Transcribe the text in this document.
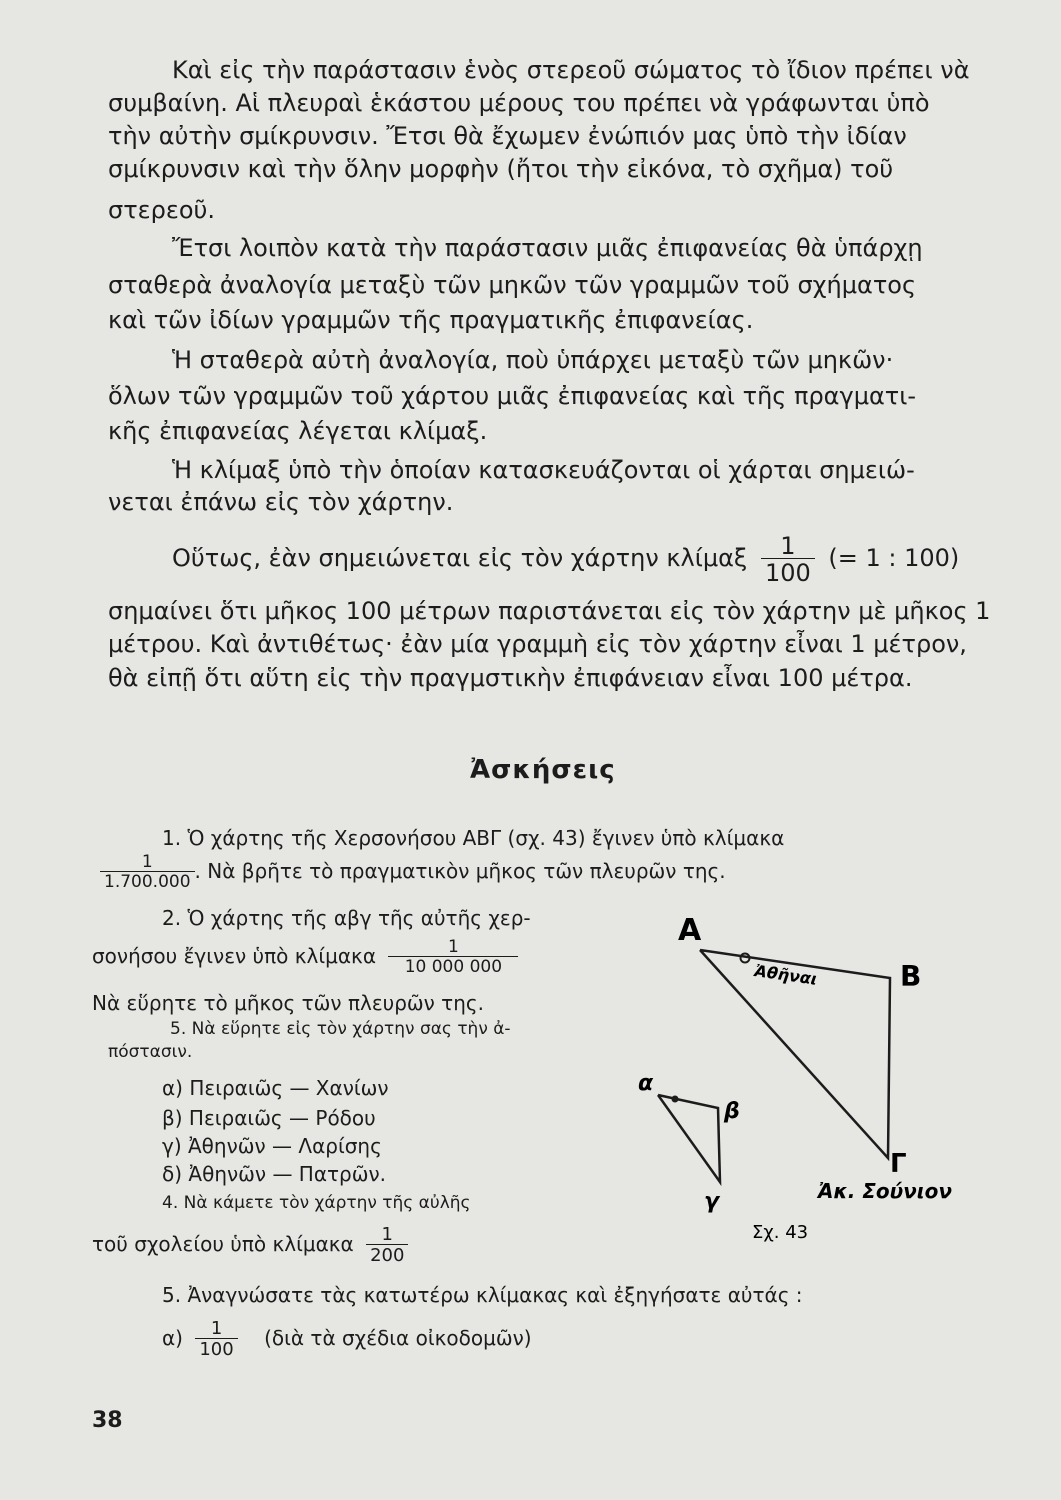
Καὶ εἰς τὴν παράστασιν ἑνὸς στερεοῦ σώματος τὸ ἴδιον πρέπει νὰ
συμβαίνη. Αἱ πλευραὶ ἑκάστου μέρους του πρέπει νὰ γράφωνται ὑπὸ
τὴν αὐτὴν σμίκρυνσιν. Ἔτσι θὰ ἔχωμεν ἐνώπιόν μας ὑπὸ τὴν ἰδίαν
σμίκρυνσιν καὶ τὴν ὅλην μορφὴν (ἤτοι τὴν εἰκόνα, τὸ σχῆμα) τοῦ
στερεοῦ.
Ἔτσι λοιπὸν κατὰ τὴν παράστασιν μιᾶς ἐπιφανείας θὰ ὑπάρχῃ
σταθερὰ ἀναλογία μεταξὺ τῶν μηκῶν τῶν γραμμῶν τοῦ σχήματος
καὶ τῶν ἰδίων γραμμῶν τῆς πραγματικῆς ἐπιφανείας.
Ἡ σταθερὰ αὐτὴ ἀναλογία, ποὺ ὑπάρχει μεταξὺ τῶν μηκῶν·
ὅλων τῶν γραμμῶν τοῦ χάρτου μιᾶς ἐπιφανείας καὶ τῆς πραγματι-
κῆς ἐπιφανείας λέγεται κλίμαξ.
Ἡ κλίμαξ ὑπὸ τὴν ὁποίαν κατασκευάζονται οἱ χάρται σημειώ-
νεται ἐπάνω εἰς τὸν χάρτην.
Οὕτως, ἐὰν σημειώνεται εἰς τὸν χάρτην κλίμαξ $\frac{1}{100}$ (= 1 : 100)
σημαίνει ὅτι μῆκος 100 μέτρων παριστάνεται εἰς τὸν χάρτην μὲ μῆκος 1
μέτρου. Καὶ ἀντιθέτως· ἐὰν μία γραμμὴ εἰς τὸν χάρτην εἶναι 1 μέτρον,
θὰ εἰπῇ ὅτι αὕτη εἰς τὴν πραγμστικὴν ἐπιφάνειαν εἶναι 100 μέτρα.
Ἀσκήσεις
1. Ὁ χάρτης τῆς Χερσονήσου ΑΒΓ (σχ. 43) ἔγινεν ὑπὸ κλίμακα
$\frac{1}{1.700.000}$ . Νὰ βρῆτε τὸ πραγματικὸν μῆκος τῶν πλευρῶν της.
2. Ὁ χάρτης τῆς αβγ τῆς αὐτῆς χερ-
σονήσου ἔγινεν ὑπὸ κλίμακα $\frac{1}{10 000 000}$
Νὰ εὕρητε τὸ μῆκος τῶν πλευρῶν της.
5. Νὰ εὕρητε εἰς τὸν χάρτην σας τὴν ἀ-
πόστασιν.
α) Πειραιῶς — Χανίων
β) Πειραιῶς — Ρόδου
γ) Ἀθηνῶν — Λαρίσης
δ) Ἀθηνῶν — Πατρῶν.
4. Νὰ κάμετε τὸν χάρτην τῆς αὐλῆς
τοῦ σχολείου ὑπὸ κλίμακα $\frac{1}{200}$
5. Ἀναγνώσατε τὰς κατωτέρω κλίμακας καὶ ἐξηγήσατε αὐτάς :
$\alpha) \frac{1}{100}$ (διὰ τὰ σχέδια οἰκοδομῶν)
38
Α
Β
Γ
Ἀθῆναι
α
β
γ	Ἀκ. Σούνιον
Σχ. 43
